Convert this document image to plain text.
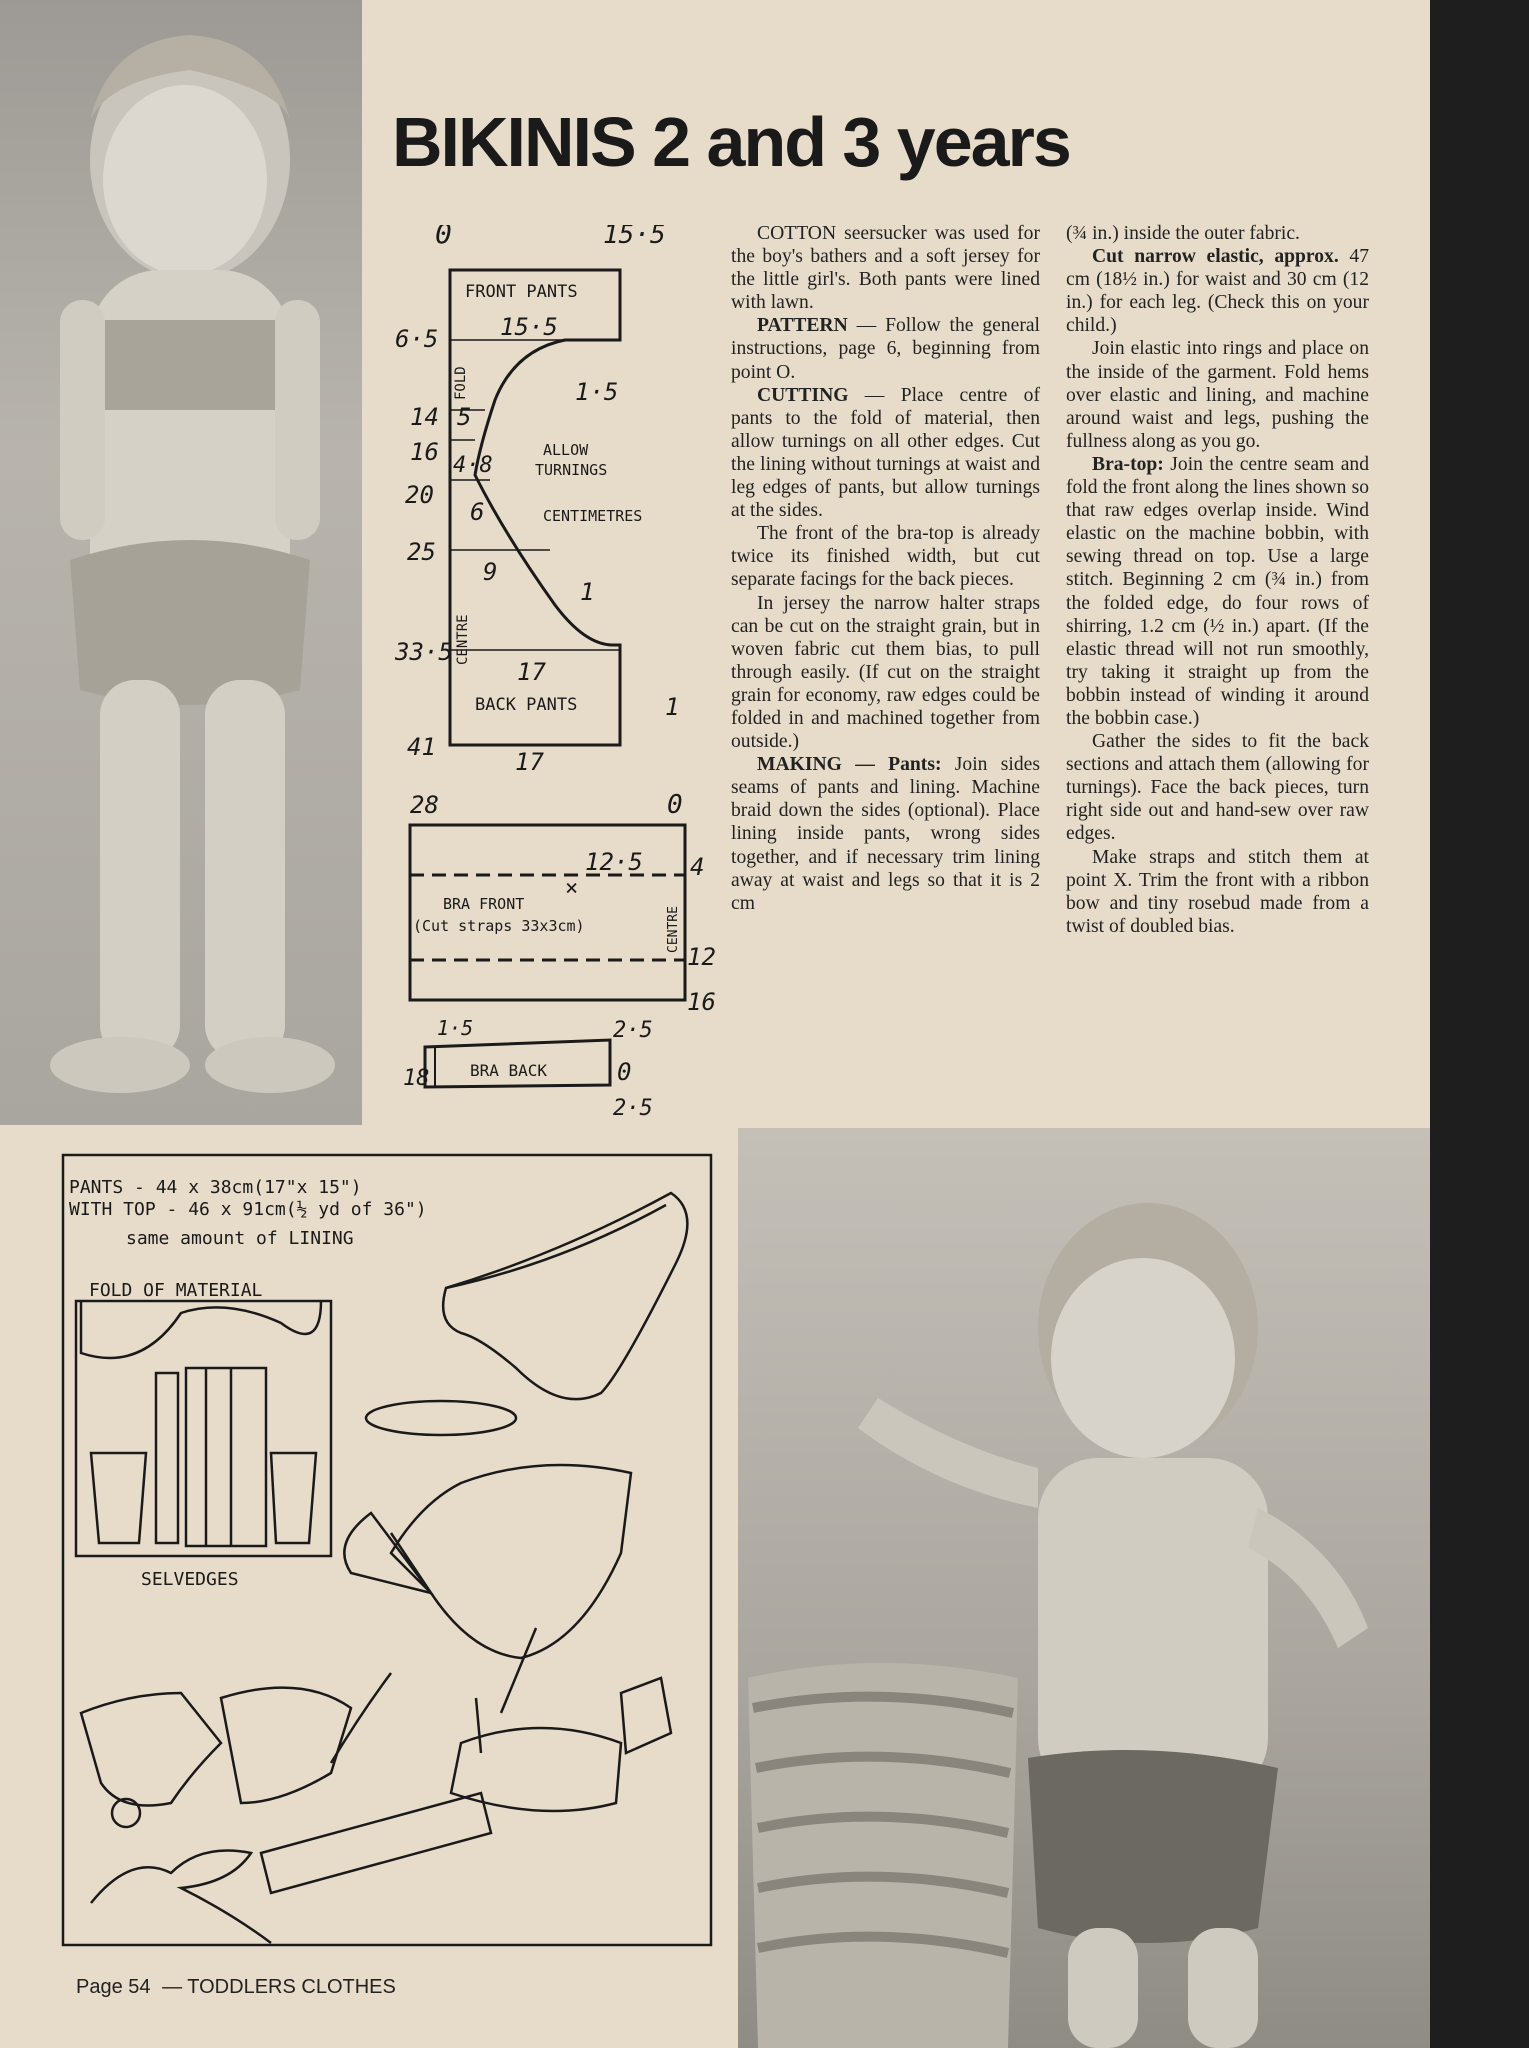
BIKINIS 2 and 3 years
0	15·5
FRONT PANTS
15·5
6·5
FOLD	1·5
14 5
16 4·8
ALLOW
TURNINGS
20
6	CENTIMETRES
25
9
CENTRE
1
33·5
17
BACK PANTS	1
41
17
28	0
12·5
×
4
BRA FRONT
(Cut straps 33x3cm)	CENTRE
12
16
1·5	2·5
18	BRA BACK	0
2·5

COTTON seersucker was used for the boy's bathers and a soft jersey for the little girl's. Both pants were lined with lawn.

PATTERN — Follow the general instructions, page 6, beginning from point O.

CUTTING — Place centre of pants to the fold of material, then allow turnings on all other edges. Cut the lining without turnings at waist and leg edges of pants, but allow turnings at the sides.

The front of the bra-top is already twice its finished width, but cut separate facings for the back pieces.

In jersey the narrow halter straps can be cut on the straight grain, but in woven fabric cut them bias, to pull through easily. (If cut on the straight grain for economy, raw edges could be folded in and machined together from outside.)

MAKING — Pants: Join sides seams of pants and lining. Machine braid down the sides (optional). Place lining inside pants, wrong sides together, and if necessary trim lining away at waist and legs so that it is 2 cm

(¾ in.) inside the outer fabric.

Cut narrow elastic, approx. 47 cm (18½ in.) for waist and 30 cm (12 in.) for each leg. (Check this on your child.)

Join elastic into rings and place on the inside of the garment. Fold hems over elastic and lining, and machine around waist and legs, pushing the fullness along as you go.

Bra-top: Join the centre seam and fold the front along the lines shown so that raw edges overlap inside. Wind elastic on the machine bobbin, with sewing thread on top. Use a large stitch. Beginning 2 cm (¾ in.) from the folded edge, do four rows of shirring, 1.2 cm (½ in.) apart. (If the elastic thread will not run smoothly, try taking it straight up from the bobbin instead of winding it around the bobbin case.)

Gather the sides to fit the back sections and attach them (allowing for turnings). Face the back pieces, turn right side out and hand-sew over raw edges.

Make straps and stitch them at point X. Trim the front with a ribbon bow and tiny rosebud made from a twist of doubled bias.

PANTS - 44 x 38cm(17"x 15")
WITH TOP - 46 x 91cm(½ yd of 36")
same amount of LINING
FOLD OF MATERIAL
SELVEDGES
Page 54 — TODDLERS CLOTHES
